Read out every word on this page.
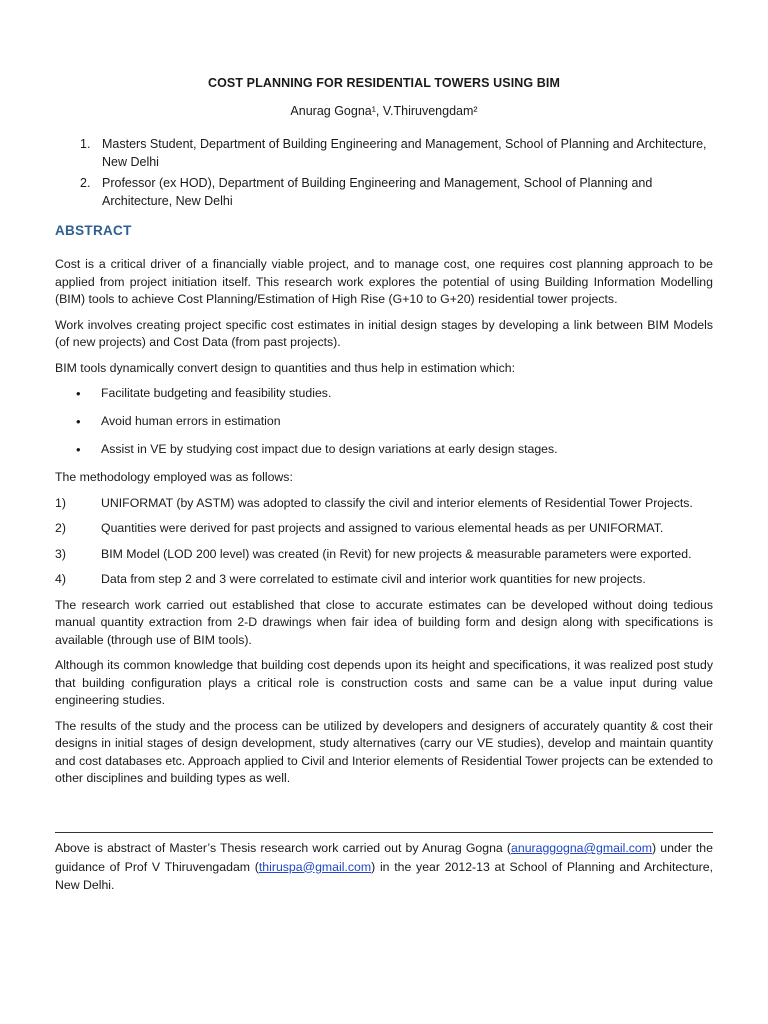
COST PLANNING FOR RESIDENTIAL TOWERS USING BIM
Anurag Gogna¹, V.Thiruvengdam²
1. Masters Student, Department of Building Engineering and Management, School of Planning and Architecture, New Delhi
2. Professor (ex HOD), Department of Building Engineering and Management, School of Planning and Architecture, New Delhi
ABSTRACT

Cost is a critical driver of a financially viable project, and to manage cost, one requires cost planning approach to be applied from project initiation itself. This research work explores the potential of using Building Information Modelling (BIM) tools to achieve Cost Planning/Estimation of High Rise (G+10 to G+20) residential tower projects.

Work involves creating project specific cost estimates in initial design stages by developing a link between BIM Models (of new projects) and Cost Data (from past projects).

BIM tools dynamically convert design to quantities and thus help in estimation which:

• Facilitate budgeting and feasibility studies.
• Avoid human errors in estimation
• Assist in VE by studying cost impact due to design variations at early design stages.

The methodology employed was as follows:

1)	UNIFORMAT (by ASTM) was adopted to classify the civil and interior elements of Residential Tower Projects.
2)	Quantities were derived for past projects and assigned to various elemental heads as per UNIFORMAT.
3)	BIM Model (LOD 200 level) was created (in Revit) for new projects & measurable parameters were exported.
4)	Data from step 2 and 3 were correlated to estimate civil and interior work quantities for new projects.

The research work carried out established that close to accurate estimates can be developed without doing tedious manual quantity extraction from 2-D drawings when fair idea of building form and design along with specifications is available (through use of BIM tools).

Although its common knowledge that building cost depends upon its height and specifications, it was realized post study that building configuration plays a critical role is construction costs and same can be a value input during value engineering studies.

The results of the study and the process can be utilized by developers and designers of accurately quantity & cost their designs in initial stages of design development, study alternatives (carry our VE studies), develop and maintain quantity and cost databases etc. Approach applied to Civil and Interior elements of Residential Tower projects can be extended to other disciplines and building types as well.

Above is abstract of Master’s Thesis research work carried out by Anurag Gogna (anuraggogna@gmail.com) under the guidance of Prof V Thiruvengadam (thiruspa@gmail.com) in the year 2012-13 at School of Planning and Architecture, New Delhi.
